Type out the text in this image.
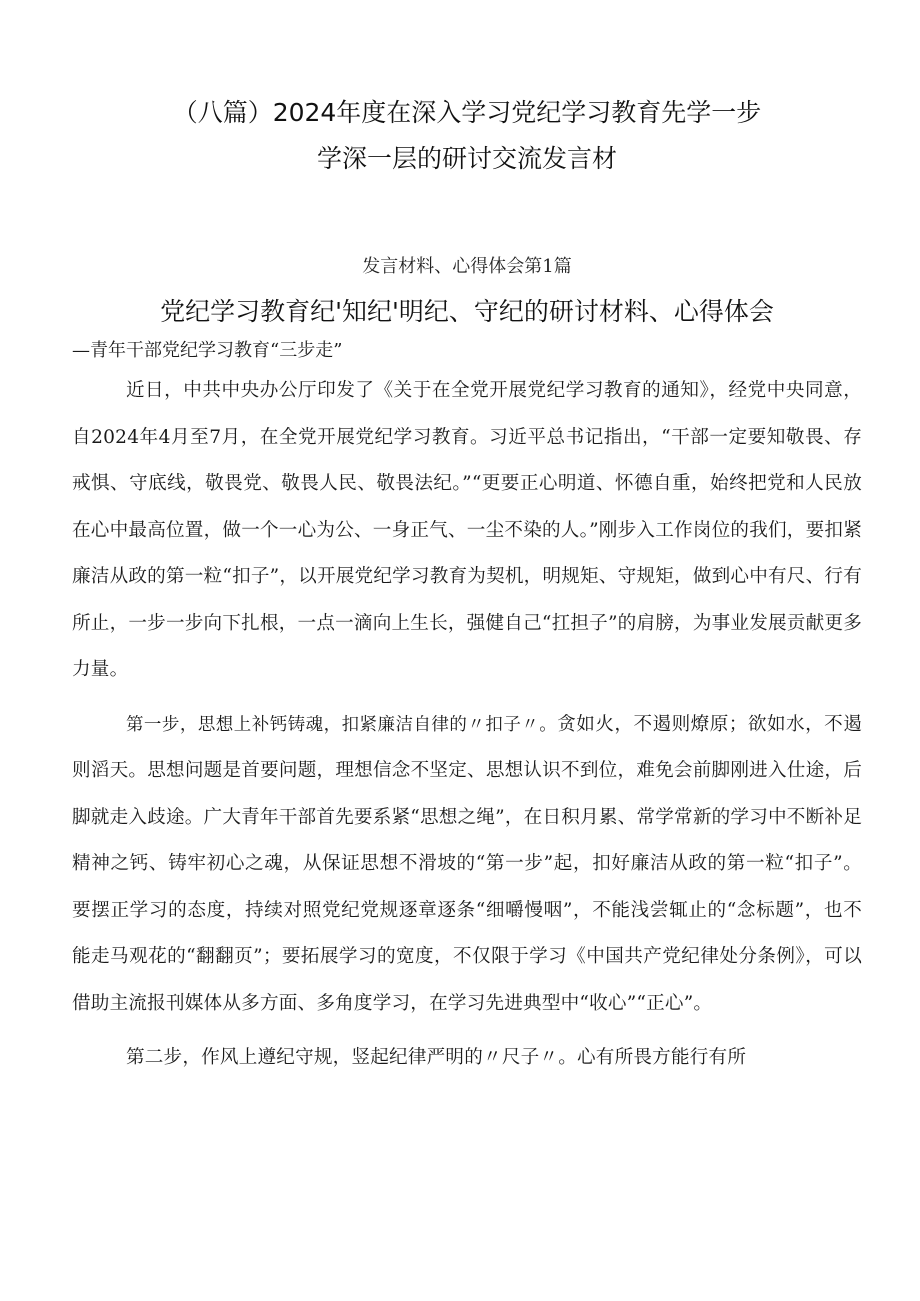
（八篇）2024年度在深入学习党纪学习教育先学一步
学深一层的研讨交流发言材

发言材料、心得体会第1篇

党纪学习教育纪'知纪'明纪、守纪的研讨材料、心得体会

—青年干部党纪学习教育“三步走”

近日，中共中央办公厅印发了《关于在全党开展党纪学习教育的通知》，经党中央同意，自2024年4月至7月，在全党开展党纪学习教育。习近平总书记指出，“干部一定要知敬畏、存戒惧、守底线，敬畏党、敬畏人民、敬畏法纪。”“更要正心明道、怀德自重，始终把党和人民放在心中最高位置，做一个一心为公、一身正气、一尘不染的人。”刚步入工作岗位的我们，要扣紧廉洁从政的第一粒“扣子”，以开展党纪学习教育为契机，明规矩、守规矩，做到心中有尺、行有所止，一步一步向下扎根，一点一滴向上生长，强健自己“扛担子”的肩膀，为事业发展贡献更多力量。

第一步，思想上补钙铸魂，扣紧廉洁自律的〃扣子〃。贪如火，不遏则燎原；欲如水，不遏则滔天。思想问题是首要问题，理想信念不坚定、思想认识不到位，难免会前脚刚进入仕途，后脚就走入歧途。广大青年干部首先要系紧“思想之绳”，在日积月累、常学常新的学习中不断补足精神之钙、铸牢初心之魂，从保证思想不滑坡的“第一步”起，扣好廉洁从政的第一粒“扣子”。要摆正学习的态度，持续对照党纪党规逐章逐条“细嚼慢咽”，不能浅尝辄止的“念标题”，也不能走马观花的“翻翻页”；要拓展学习的宽度，不仅限于学习《中国共产党纪律处分条例》，可以借助主流报刊媒体从多方面、多角度学习，在学习先进典型中“收心”“正心”。

第二步，作风上遵纪守规，竖起纪律严明的〃尺子〃。心有所畏方能行有所
